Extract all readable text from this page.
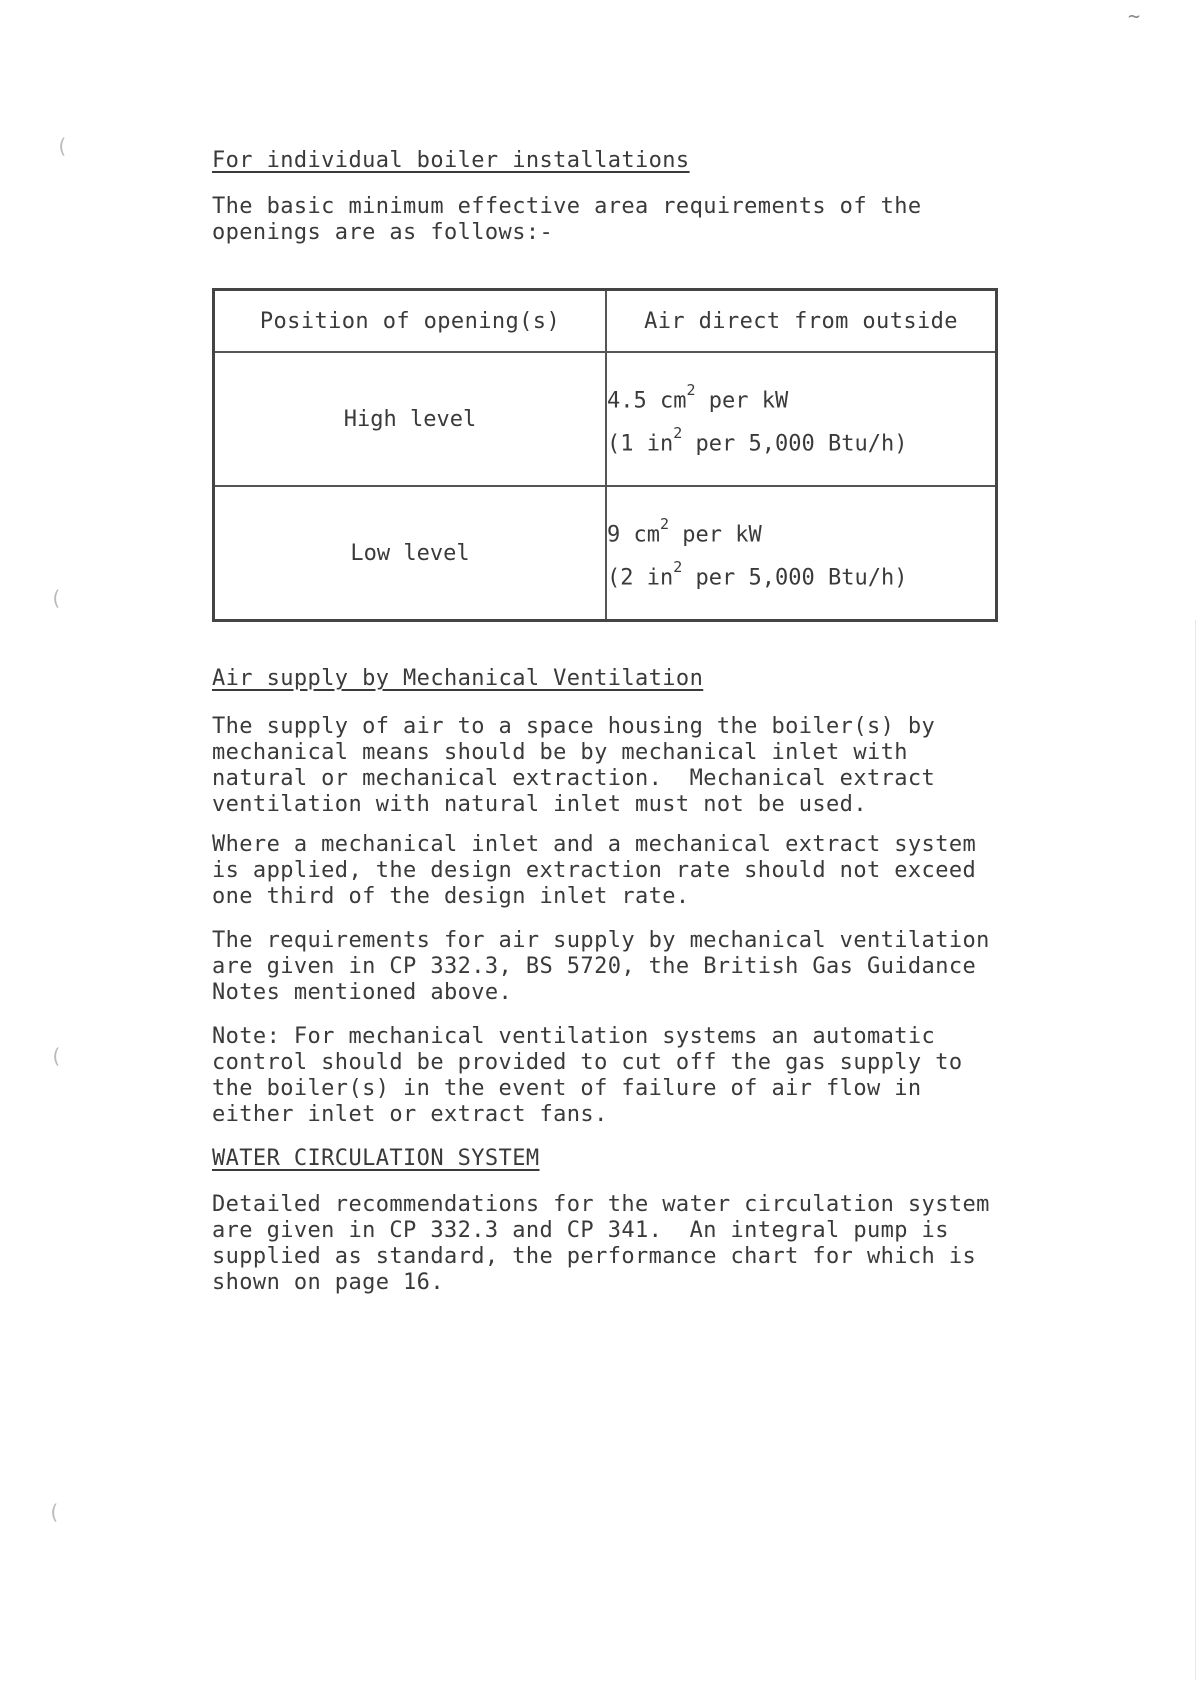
For individual boiler installations
The basic minimum effective area requirements of the
openings are as follows:-
Position of opening(s)	Air direct from outside
High level	4.5 $cm^2$ per kW
(1 $in^2$ per 5,000 Btu/h)

Low level	9 $cm^2$ per kW
(2 $in^2$ per 5,000 Btu/h)
Air supply by Mechanical Ventilation
The supply of air to a space housing the boiler(s) by
mechanical means should be by mechanical inlet with
natural or mechanical extraction.  Mechanical extract
ventilation with natural inlet must not be used.
Where a mechanical inlet and a mechanical extract system
is applied, the design extraction rate should not exceed
one third of the design inlet rate.
The requirements for air supply by mechanical ventilation
are given in CP 332.3, BS 5720, the British Gas Guidance
Notes mentioned above.
Note: For mechanical ventilation systems an automatic
control should be provided to cut off the gas supply to
the boiler(s) in the event of failure of air flow in
either inlet or extract fans.
WATER CIRCULATION SYSTEM
Detailed recommendations for the water circulation system
are given in CP 332.3 and CP 341.  An integral pump is
supplied as standard, the performance chart for which is
shown on page 16.
(
(
(
(
~
